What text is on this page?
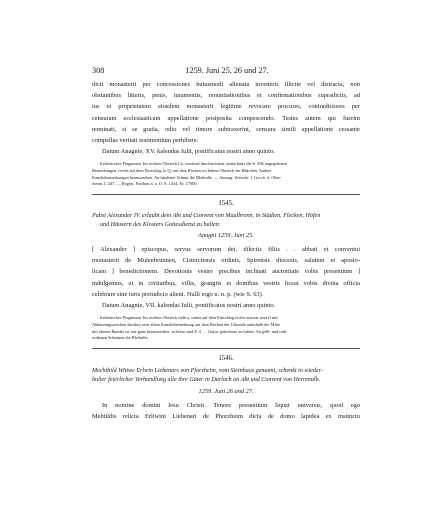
308	1259. Juni 25, 26 und 27.
dicti monasterii per concessiones huiusmodi alienata inveneris illicite vel distracta, non
obstantibus litteris, penis, iuramentis, renuntiationibus et confirmationibus supradictis, ad
ius et proprietatem eiusdem monasterii legitime revocare procures, contradictores per
censuram ecclesiasticam appellatione postposita compescendo. Testes autem qui fuerint
nominati, si se gratia, odio vel timore subtraxerint, censura simili appellatione cessante
compellas veritati testimonium perhibere.
Datum Anagnie, XV. kalendas Iulii, pontificatus nostri anno quinto.
Italienisches Pergament. Im rechten Obereck Ca, zweimal durchstrichen, unten links die S. 306 angegebenen
Bemerkungen, rechts auf dem Einschlag Jo Q; auf dem Rücken im linken Obereck ein Häkchen. Andere
Kanzleibemerkungen herausradiert. An hänfener Schnur die Bleibulle. — Auszug: Zeitschr. f. Gesch. d. Ober-
rheins 1, 247. — Regest: Potthast a. a. O. S. 1434, Nr. 17600.
1545.
Pabst Alexander IV. erlaubt dem Abt und Convent von Maulbronn, in Städten, Flecken, Höfen
und Häusern des Klosters Gottesdienst zu halten.
Anagni 1259. Juni 25.
[ Alexander ] episcopus, servus servorum dei, dilectis filiis . . abbati et conventui
monasterii de Mulenbrunnen, Cisterciensis ordinis, Spirensis diocesis, salutem et aposto-
licam ] benedictionem. Devotionis vestre precibus inclinati auctoritate vobis presentium ]
indulgemus, ut in civitatibus, villis, grangiis et domibus vestris liceat vobis divina officia
celebrare sine iuris preiudicio alieni. Nulli ergo n. n. p. (wie S. 63).
Datum Anagnie, VII. kalendas Iulii, pontificatus nostri anno quinto.
Italienisches Pergament. Im rechten Obereck steht a, unten auf dem Einschlag rechts aussen: meayf mit
Abkürzungszeichen darüber, eine ältere Kanzleibemerkung auf dem Rücken der Urkunde unterhalb der Mitte
des oberen Randes ist fast ganz herausradiert, sichtbar sind P. d . . . Gutur. geholenes zu haben. An gelb- und roth-
seidenen Schnüren die Bleibulle.
1546.
Mechthild Wittwe Erlwin Liebenars von Pforzheim, vom Steinhaus genannt, schenkt in wieder-
holter feierlicher Verhandlung alle ihre Güter in Durlach an Abt und Convent von Herrenalb.
1259. Juni 26 und 27.
In nomine domini Iesu Christi. Tenore presentium liquet universis, quod ego
Mehtildis relicta Erliwini Liebenari de Phorzheim dicta de domo lapidea ex instinctu
